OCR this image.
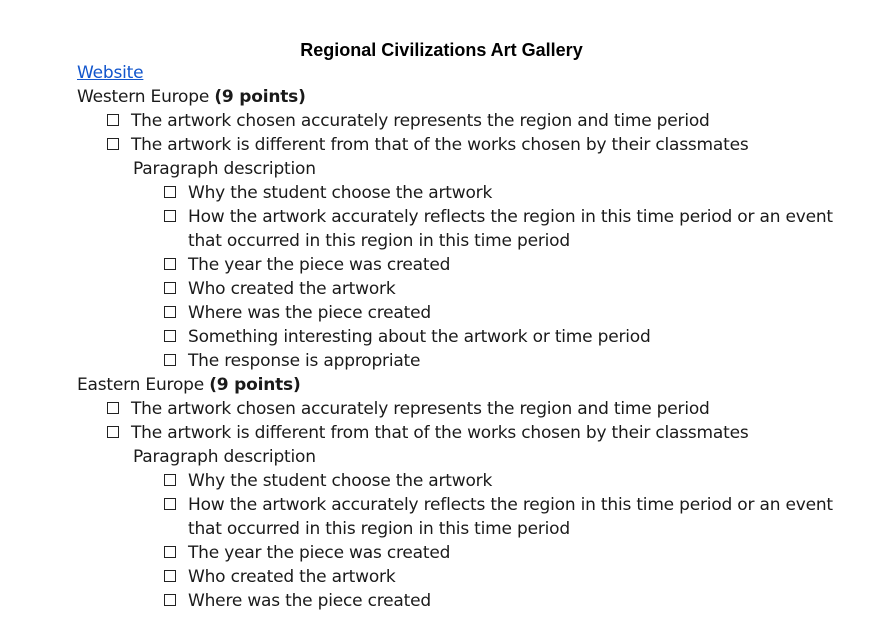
Regional Civilizations Art Gallery
Website
Western Europe
(9 points)
The artwork chosen accurately represents the region and time period
The artwork is different from that of the works chosen by their classmates
Paragraph description
Why the student choose the artwork
How the artwork accurately reflects the region in this time period or an event that occurred in this region in this time period
The year the piece was created
Who created the artwork
Where was the piece created
Something interesting about the artwork or time period
The response is appropriate
Eastern Europe
(9 points)
The artwork chosen accurately represents the region and time period
The artwork is different from that of the works chosen by their classmates
Paragraph description
Why the student choose the artwork
How the artwork accurately reflects the region in this time period or an event that occurred in this region in this time period
The year the piece was created
Who created the artwork
Where was the piece created
